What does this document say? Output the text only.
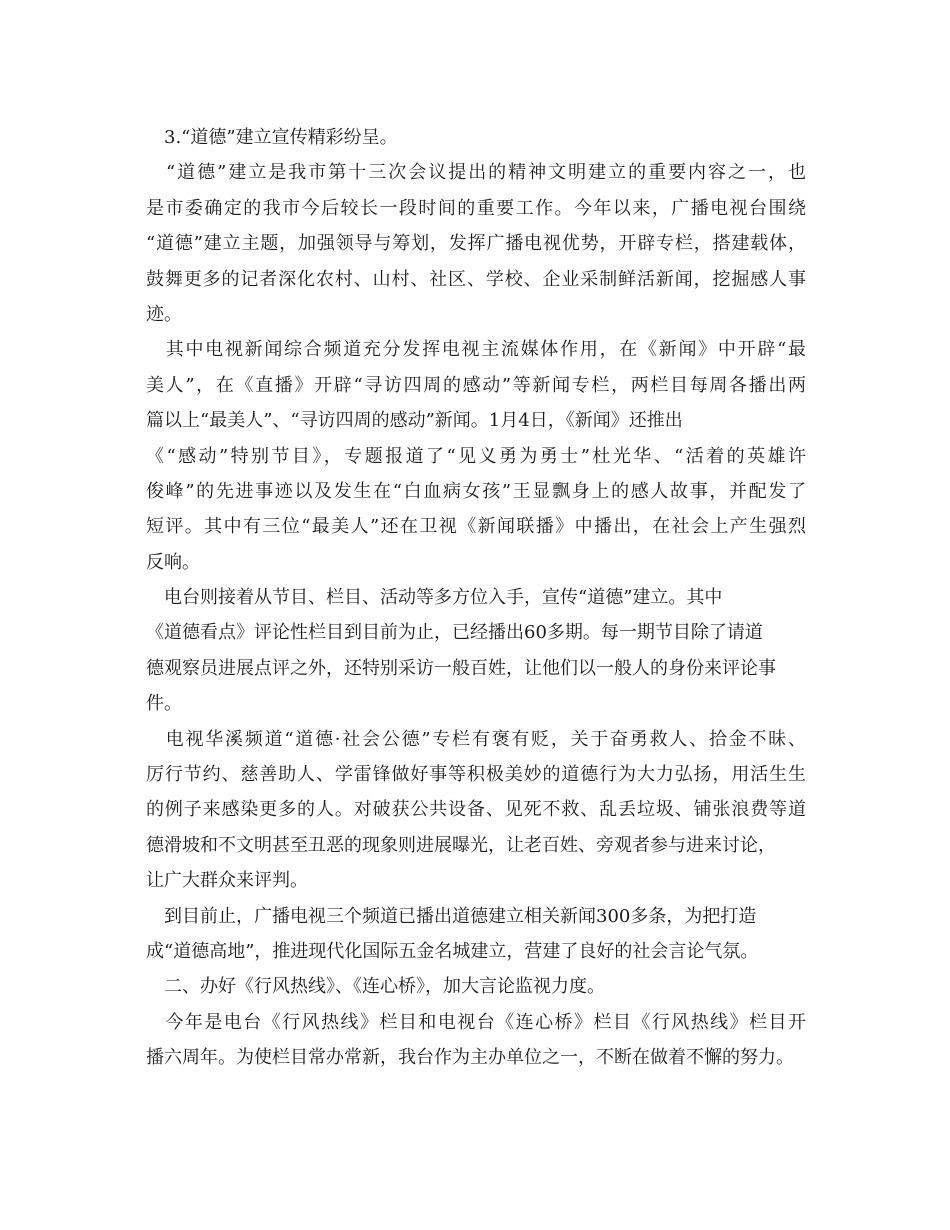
　3.“道德”建立宣传精彩纷呈。
　“道德”建立是我市第十三次会议提出的精神文明建立的重要内容之一，也
是市委确定的我市今后较长一段时间的重要工作。今年以来，广播电视台围绕
“道德”建立主题，加强领导与筹划，发挥广播电视优势，开辟专栏，搭建载体，
鼓舞更多的记者深化农村、山村、社区、学校、企业采制鲜活新闻，挖掘感人事
迹。
　其中电视新闻综合频道充分发挥电视主流媒体作用，在《新闻》中开辟“最
美人”，在《直播》开辟“寻访四周的感动”等新闻专栏，两栏目每周各播出两
篇以上“最美人”、“寻访四周的感动”新闻。1月4日，《新闻》还推出
《“感动”特别节目》，专题报道了“见义勇为勇士”杜光华、“活着的英雄许
俊峰”的先进事迹以及发生在“白血病女孩”王显飘身上的感人故事，并配发了
短评。其中有三位“最美人”还在卫视《新闻联播》中播出，在社会上产生强烈
反响。
　电台则接着从节目、栏目、活动等多方位入手，宣传“道德”建立。其中
《道德看点》评论性栏目到目前为止，已经播出60多期。每一期节目除了请道
德观察员进展点评之外，还特别采访一般百姓，让他们以一般人的身份来评论事
件。
　电视华溪频道“道德·社会公德”专栏有褒有贬，关于奋勇救人、拾金不昧、
厉行节约、慈善助人、学雷锋做好事等积极美妙的道德行为大力弘扬，用活生生
的例子来感染更多的人。对破获公共设备、见死不救、乱丢垃圾、铺张浪费等道
德滑坡和不文明甚至丑恶的现象则进展曝光，让老百姓、旁观者参与进来讨论，
让广大群众来评判。
　到目前止，广播电视三个频道已播出道德建立相关新闻300多条，为把打造
成“道德高地”，推进现代化国际五金名城建立，营建了良好的社会言论气氛。
　二、办好《行风热线》、《连心桥》，加大言论监视力度。
　今年是电台《行风热线》栏目和电视台《连心桥》栏目《行风热线》栏目开
播六周年。为使栏目常办常新，我台作为主办单位之一，不断在做着不懈的努力。
